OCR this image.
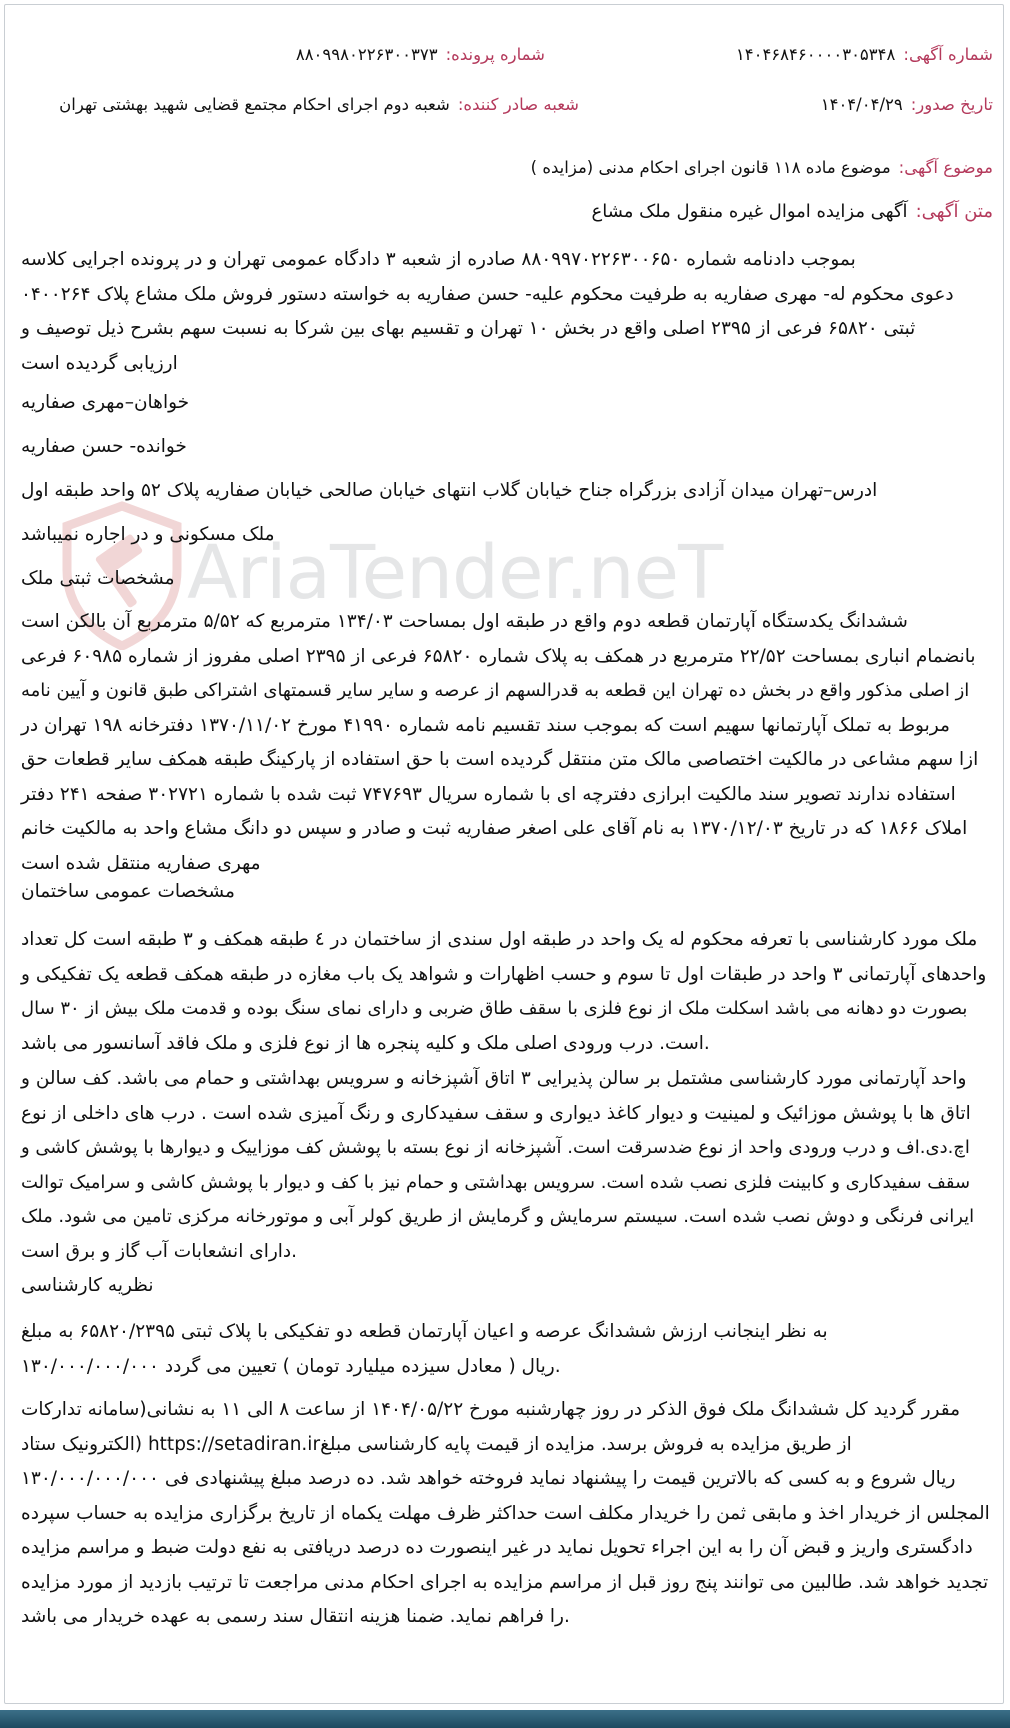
AriaTender.neT
شماره آگهی:
۱۴۰۴۶۸۴۶۰۰۰۰۳۰۵۳۴۸
شماره پرونده:
۸۸۰۹۹۸۰۲۲۶۳۰۰۳۷۳
تاریخ صدور:
۱۴۰۴/۰۴/۲۹
شعبه صادر کننده:
شعبه دوم اجرای احکام مجتمع قضایی شهید بهشتی تهران
موضوع آگهی:
موضوع ماده ۱۱۸ قانون اجرای احکام مدنی (مزایده )
متن آگهی:
آگهی مزایده اموال غیره منقول ملک مشاع
بموجب دادنامه شماره ۸۸۰۹۹۷۰۲۲۶۳۰۰۶۵۰ صادره از شعبه ۳ دادگاه عمومی تهران و در پرونده اجرایی کلاسه
۰۴۰۰۲۶۴ دعوی محکوم له- مهری صفاریه به طرفیت محکوم علیه- حسن صفاریه به خواسته دستور فروش ملک مشاع پلاک
ثبتی ۶۵۸۲۰ فرعی از ۲۳۹۵ اصلی واقع در بخش ۱۰ تهران و تقسیم بهای بین شرکا به نسبت سهم بشرح ذیل توصیف و
ارزیابی گردیده است
خواهان–مهری صفاریه
خوانده- حسن صفاریه
ادرس–تهران میدان آزادی بزرگراه جناح خیابان گلاب انتهای خیابان صالحی خیابان صفاریه پلاک ۵۲ واحد طبقه اول
ملک مسکونی و در اجاره نمیباشد
مشخصات ثبتی ملک
ششدانگ یکدستگاه آپارتمان قطعه دوم واقع در طبقه اول بمساحت ۱۳۴/۰۳ مترمربع که ۵/۵۲ مترمربع آن بالکن است
بانضمام انباری بمساحت ۲۲/۵۲ مترمربع در همکف به پلاک شماره ۶۵۸۲۰ فرعی از ۲۳۹۵ اصلی مفروز از شماره ۶۰۹۸۵ فرعی
از اصلی مذکور واقع در بخش ده تهران این قطعه به قدرالسهم از عرصه و سایر سایر قسمتهای اشتراکی طبق قانون و آیین نامه
مربوط به تملک آپارتمانها سهیم است که بموجب سند تقسیم نامه شماره ۴۱۹۹۰ مورخ ۱۳۷۰/۱۱/۰۲ دفترخانه ۱۹۸ تهران در
ازا سهم مشاعی در مالکیت اختصاصی مالک متن منتقل گردیده است با حق استفاده از پارکینگ طبقه همکف سایر قطعات حق
استفاده ندارند تصویر سند مالکیت ابرازی دفترچه ای با شماره سریال ۷۴۷۶۹۳ ثبت شده با شماره ۳۰۲۷۲۱ صفحه ۲۴۱ دفتر
املاک ۱۸۶۶ که در تاریخ ۱۳۷۰/۱۲/۰۳ به نام آقای علی اصغر صفاریه ثبت و صادر و سپس دو دانگ مشاع واحد به مالکیت خانم
مهری صفاریه منتقل شده است
مشخصات عمومی ساختمان
ملک مورد کارشناسی با تعرفه محکوم له یک واحد در طبقه اول سندی از ساختمان در ٤ طبقه همکف و ۳ طبقه است کل تعداد
واحدهای آپارتمانی ۳ واحد در طبقات اول تا سوم و حسب اظهارات و شواهد یک باب مغازه در طبقه همکف قطعه یک تفکیکی و
بصورت دو دهانه می باشد اسکلت ملک از نوع فلزی با سقف طاق ضربی و دارای نمای سنگ بوده و قدمت ملک بیش از ۳۰ سال
است. درب ورودی اصلی ملک و کلیه پنجره ها از نوع فلزی و ملک فاقد آسانسور می باشد.
واحد آپارتمانی مورد کارشناسی مشتمل بر سالن پذیرایی ۳ اتاق آشپزخانه و سرویس بهداشتی و حمام می باشد. کف سالن و
اتاق ها با پوشش موزائیک و لمینیت و دیوار کاغذ دیواری و سقف سفیدکاری و رنگ آمیزی شده است . درب های داخلی از نوع
اچ.دی.اف و درب ورودی واحد از نوع ضدسرقت است. آشپزخانه از نوع بسته با پوشش کف موزاییک و دیوارها با پوشش کاشی و
سقف سفیدکاری و کابینت فلزی نصب شده است. سرویس بهداشتی و حمام نیز با کف و دیوار با پوشش کاشی و سرامیک توالت
ایرانی فرنگی و دوش نصب شده است. سیستم سرمایش و گرمایش از طریق کولر آبی و موتورخانه مرکزی تامین می شود. ملک
دارای انشعابات آب گاز و برق است.
نظریه کارشناسی
به نظر اینجانب ارزش ششدانگ عرصه و اعیان آپارتمان قطعه دو تفکیکی با پلاک ثبتی ۶۵۸۲۰/۲۳۹۵ به مبلغ
۱۳۰/۰۰۰/۰۰۰/۰۰۰ ریال ( معادل سیزده میلیارد تومان ) تعیین می گردد.
مقرر گردید کل ششدانگ ملک فوق الذکر در روز چهارشنبه مورخ ۱۴۰۴/۰۵/۲۲ از ساعت ۸ الی ۱۱ به نشانی(سامانه تدارکات
الکترونیک ستاد) https://setadiran.irاز طریق مزایده به فروش برسد. مزایده از قیمت پایه کارشناسی مبلغ
۱۳۰/۰۰۰/۰۰۰/۰۰۰ ریال شروع و به کسی که بالاترین قیمت را پیشنهاد نماید فروخته خواهد شد. ده درصد مبلغ پیشنهادی فی
المجلس از خریدار اخذ و مابقی ثمن را خریدار مکلف است حداکثر ظرف مهلت یکماه از تاریخ برگزاری مزایده به حساب سپرده
دادگستری واریز و قبض آن را به این اجراء تحویل نماید در غیر اینصورت ده درصد دریافتی به نفع دولت ضبط و مراسم مزایده
تجدید خواهد شد. طالبین می توانند پنج روز قبل از مراسم مزایده به اجرای احکام مدنی مراجعت تا ترتیب بازدید از مورد مزایده
را فراهم نماید. ضمنا هزینه انتقال سند رسمی به عهده خریدار می باشد.
